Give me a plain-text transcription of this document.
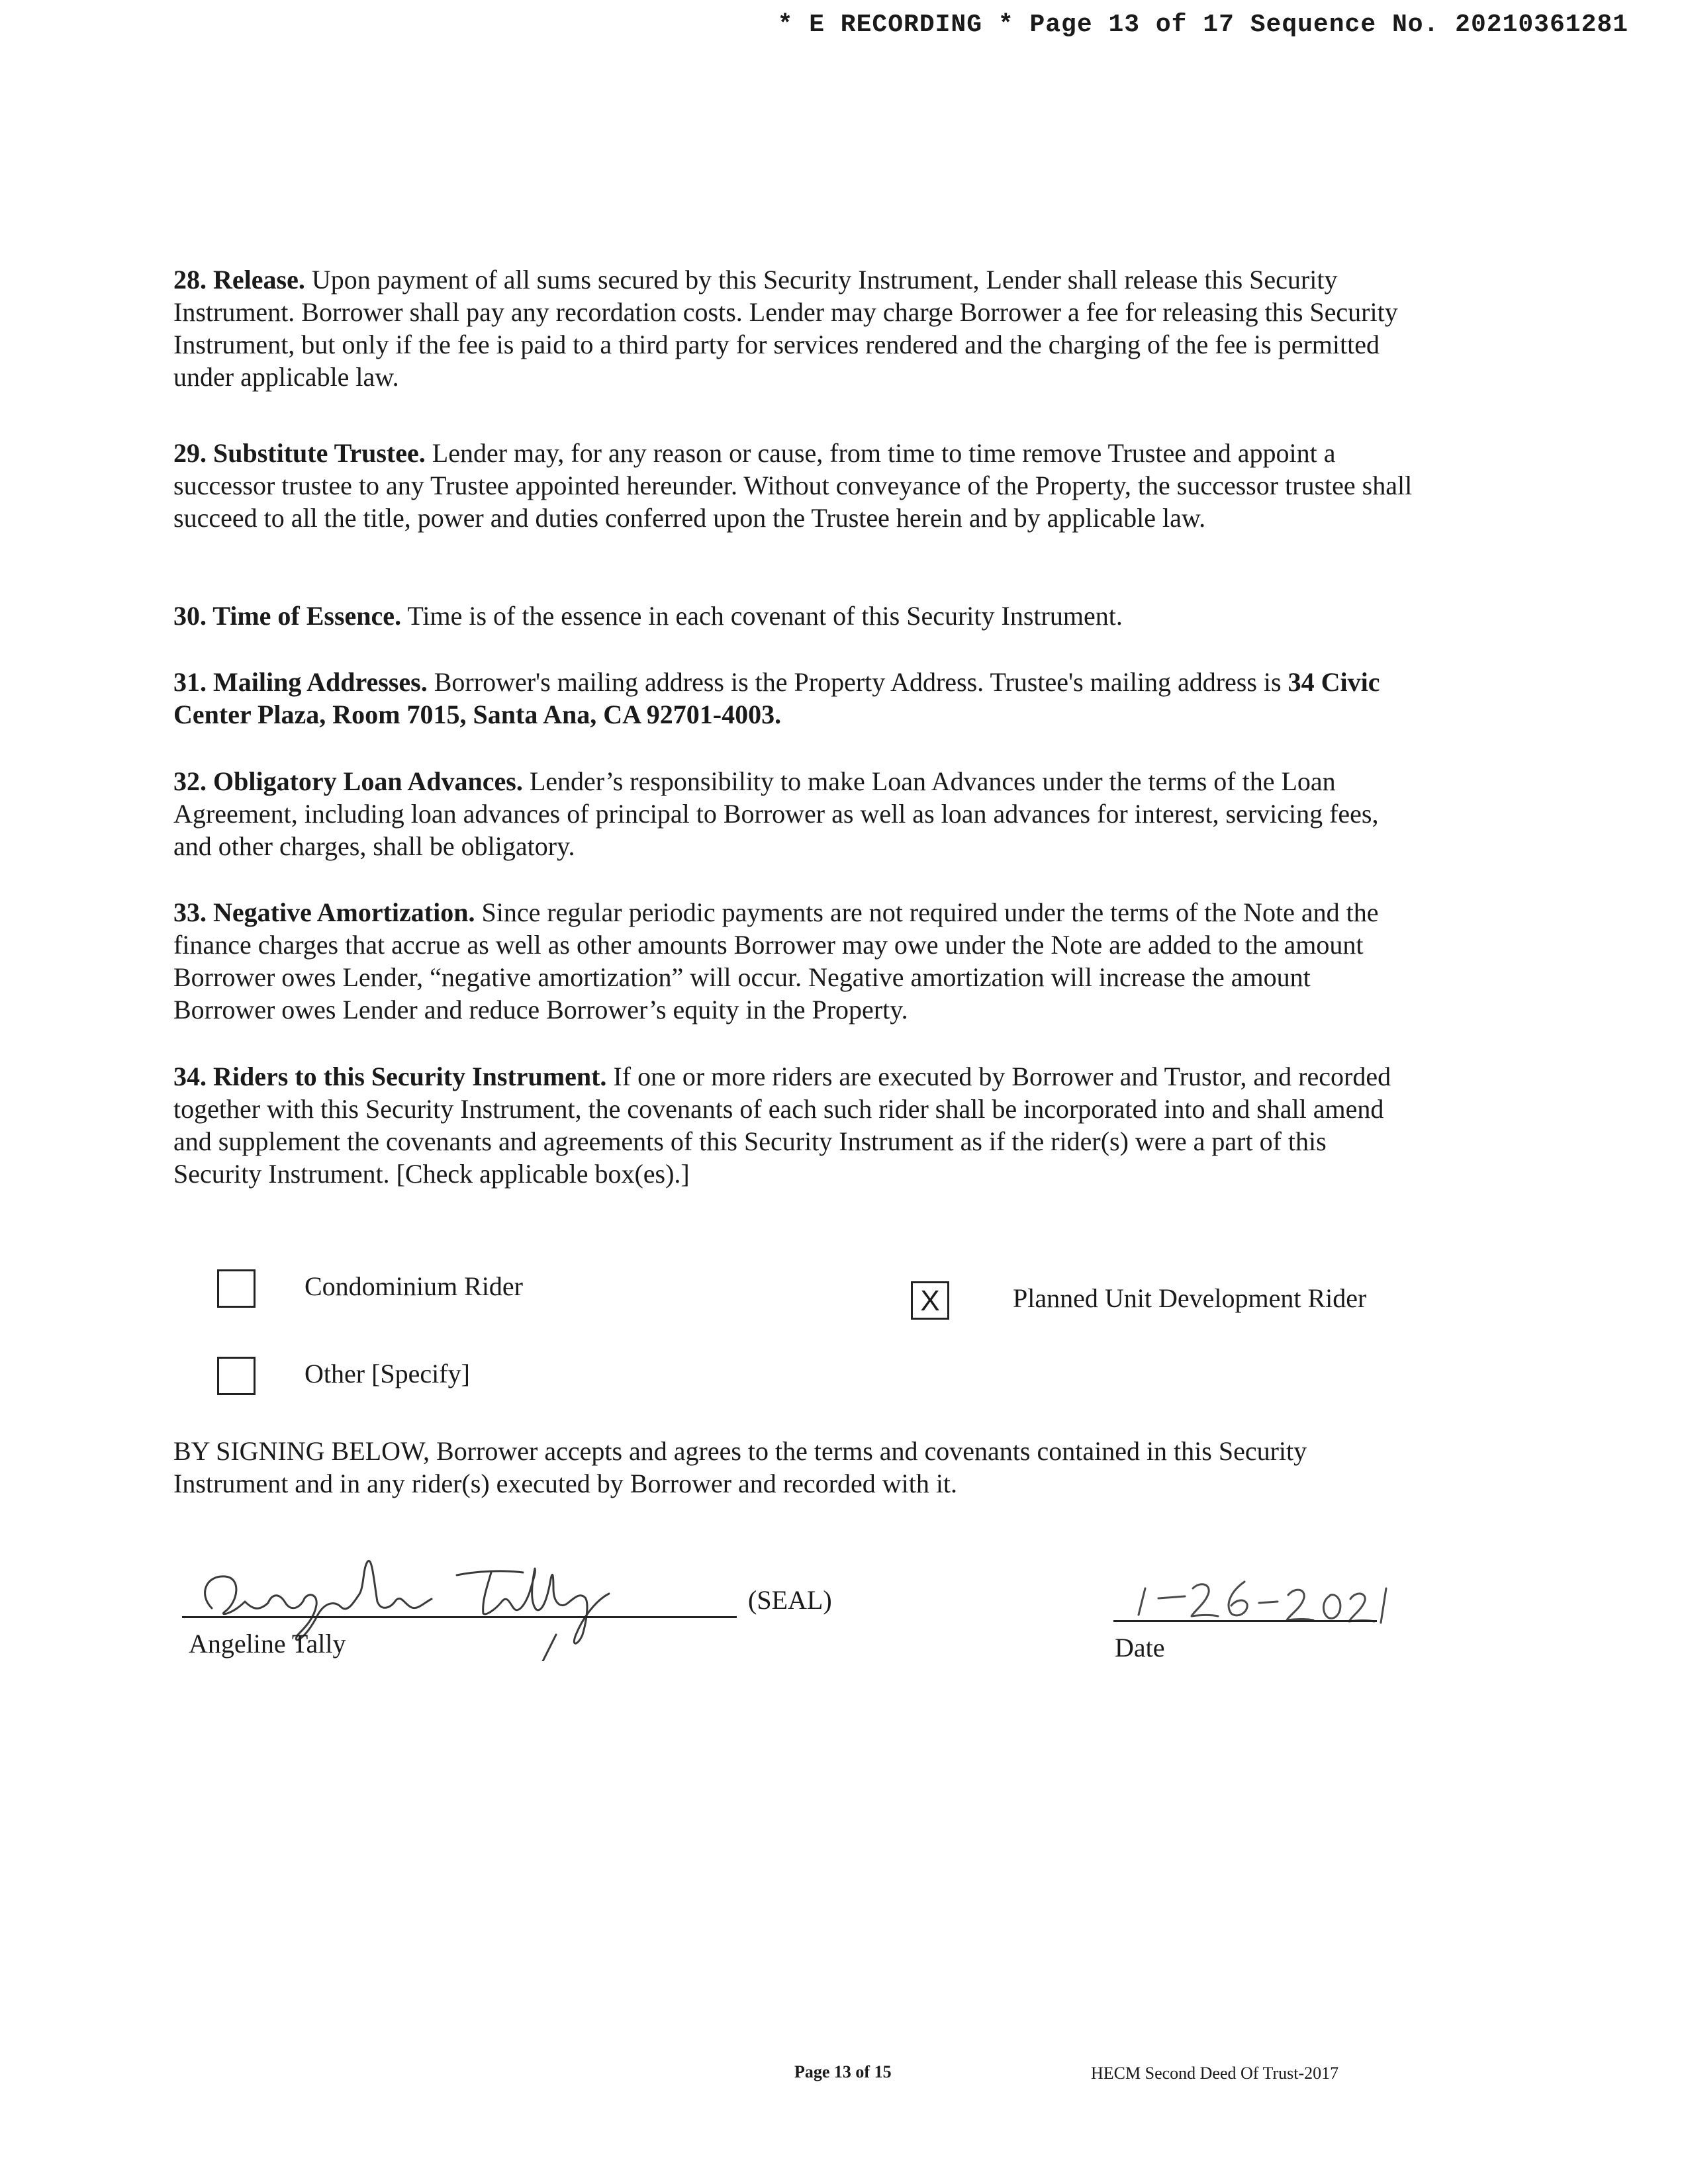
* E RECORDING * Page 13 of 17 Sequence No. 20210361281
28. Release. Upon payment of all sums secured by this Security Instrument, Lender shall release this Security Instrument. Borrower shall pay any recordation costs. Lender may charge Borrower a fee for releasing this Security Instrument, but only if the fee is paid to a third party for services rendered and the charging of the fee is permitted under applicable law.
29. Substitute Trustee. Lender may, for any reason or cause, from time to time remove Trustee and appoint a successor trustee to any Trustee appointed hereunder. Without conveyance of the Property, the successor trustee shall succeed to all the title, power and duties conferred upon the Trustee herein and by applicable law.
30. Time of Essence. Time is of the essence in each covenant of this Security Instrument.
31. Mailing Addresses. Borrower's mailing address is the Property Address. Trustee's mailing address is 34 Civic Center Plaza, Room 7015, Santa Ana, CA 92701-4003.
32. Obligatory Loan Advances. Lender’s responsibility to make Loan Advances under the terms of the Loan Agreement, including loan advances of principal to Borrower as well as loan advances for interest, servicing fees, and other charges, shall be obligatory.
33. Negative Amortization. Since regular periodic payments are not required under the terms of the Note and the finance charges that accrue as well as other amounts Borrower may owe under the Note are added to the amount Borrower owes Lender, “negative amortization” will occur. Negative amortization will increase the amount Borrower owes Lender and reduce Borrower’s equity in the Property.
34. Riders to this Security Instrument. If one or more riders are executed by Borrower and Trustor, and recorded together with this Security Instrument, the covenants of each such rider shall be incorporated into and shall amend and supplement the covenants and agreements of this Security Instrument as if the rider(s) were a part of this Security Instrument. [Check applicable box(es).]
Condominium Rider	X	Planned Unit Development Rider
Other [Specify]
BY SIGNING BELOW, Borrower accepts and agrees to the terms and covenants contained in this Security Instrument and in any rider(s) executed by Borrower and recorded with it.
(SEAL)
Angeline Tally	Date
Page 13 of 15	HECM Second Deed Of Trust-2017
